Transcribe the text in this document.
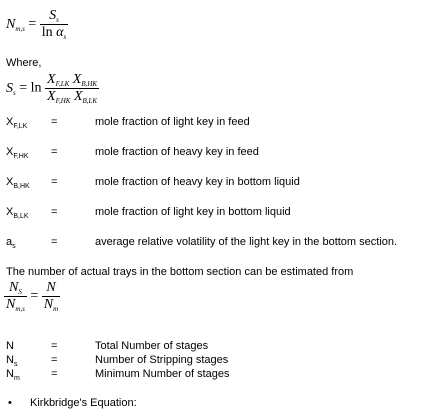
$N_{m,s} = \frac{S_s}{\ln \alpha_s}$
Where,
$S_s = \ln \frac{X_{F,LK} X_{B,HK}}{X_{F,HK} X_{B,LK}}$
$X_{F,LK}$ =	mole fraction of light key in feed
$X_{F,HK}$ =	mole fraction of heavy key in feed
$X_{B,HK}$ =	mole fraction of heavy key in bottom liquid
$X_{B,LK}$ =	mole fraction of light key in bottom liquid
$a_s$	=	average relative volatility of the light key in the bottom section.
The number of actual trays in the bottom section can be estimated from
$\frac{N_S}{N_{m,s}} = \frac{N}{N_m}$
N	=	Total Number of stages
$N_s$	=	Number of Stripping stages
$N_m$	=	Minimum Number of stages
• Kirkbridge's Equation:
